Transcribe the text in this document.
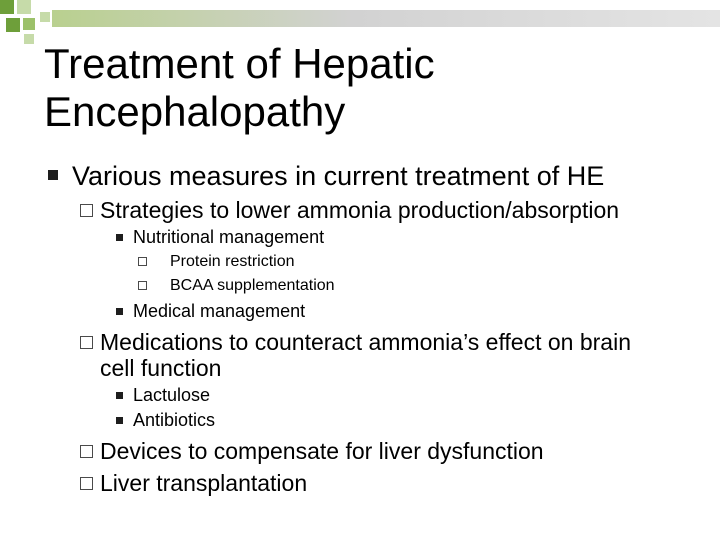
Treatment of Hepatic
Encephalopathy
Various measures in current treatment of HE
Strategies to lower ammonia production/absorption
Nutritional management
Protein restriction
BCAA supplementation
Medical management
Medications to counteract ammonia’s effect on brain
cell function
Lactulose
Antibiotics
Devices to compensate for liver dysfunction
Liver transplantation
